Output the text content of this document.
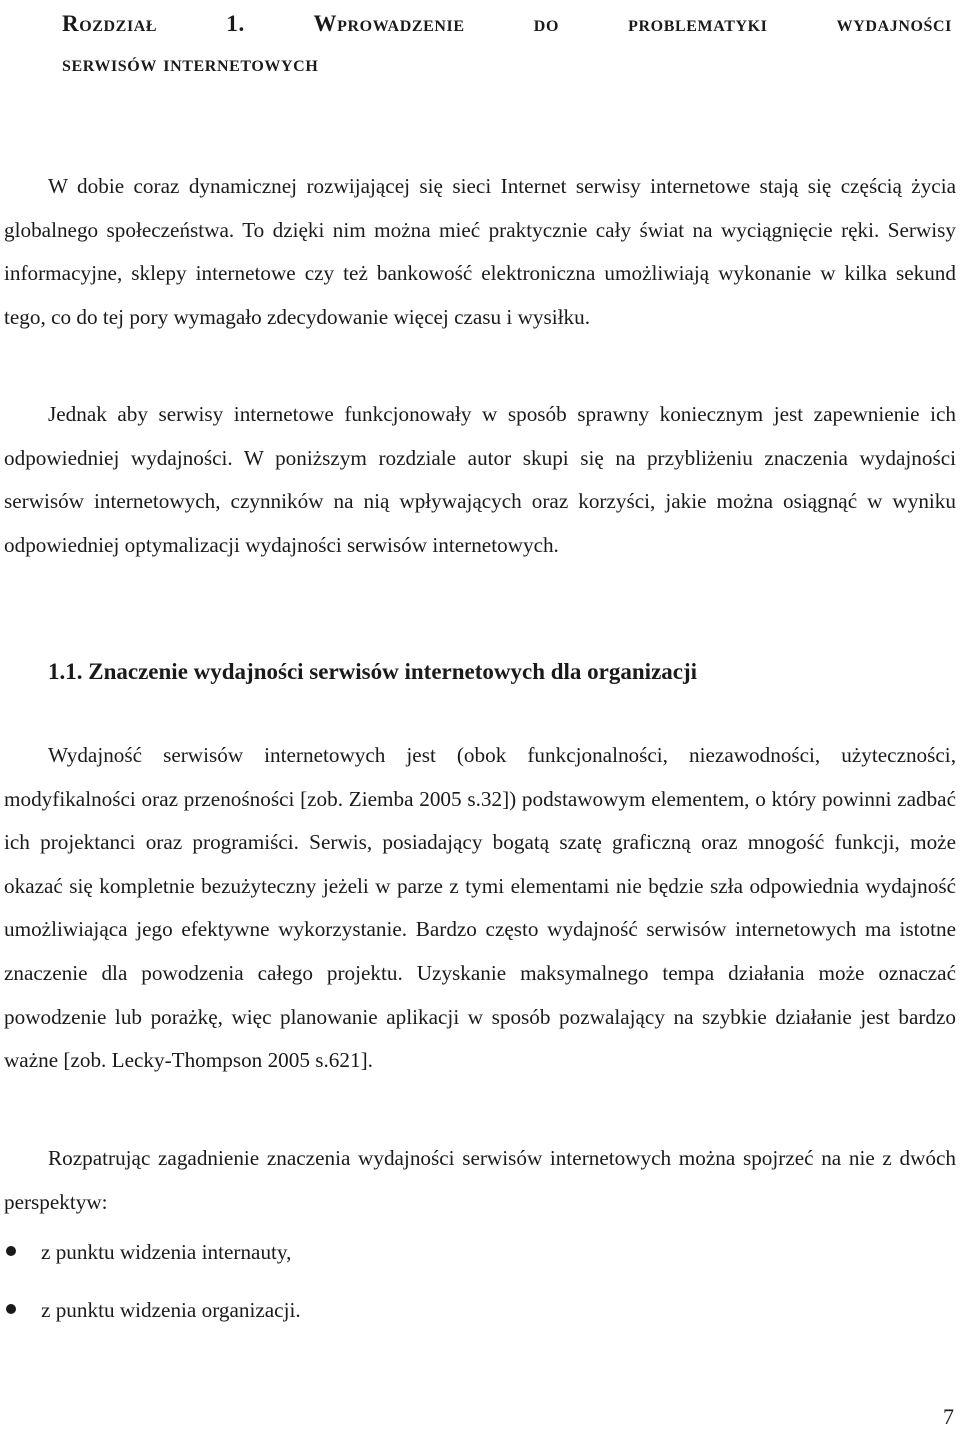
Rozdział 1. Wprowadzenie do problematyki wydajności
serwisów internetowych

W dobie coraz dynamicznej rozwijającej się sieci Internet serwisy internetowe stają się częścią życia globalnego społeczeństwa. To dzięki nim można mieć praktycznie cały świat na wyciągnięcie ręki. Serwisy informacyjne, sklepy internetowe czy też bankowość elektroniczna umożliwiają wykonanie w kilka sekund tego, co do tej pory wymagało zdecydowanie więcej czasu i wysiłku.

Jednak aby serwisy internetowe funkcjonowały w sposób sprawny koniecznym jest zapewnienie ich odpowiedniej wydajności. W poniższym rozdziale autor skupi się na przybliżeniu znaczenia wydajności serwisów internetowych, czynników na nią wpływających oraz korzyści, jakie można osiągnąć w wyniku odpowiedniej optymalizacji wydajności serwisów internetowych.

1.1. Znaczenie wydajności serwisów internetowych dla organizacji

Wydajność serwisów internetowych jest (obok funkcjonalności, niezawodności, użyteczności, modyfikalności oraz przenośności [zob. Ziemba 2005 s.32]) podstawowym elementem, o który powinni zadbać ich projektanci oraz programiści. Serwis, posiadający bogatą szatę graficzną oraz mnogość funkcji, może okazać się kompletnie bezużyteczny jeżeli w parze z tymi elementami nie będzie szła odpowiednia wydajność umożliwiająca jego efektywne wykorzystanie. Bardzo często wydajność serwisów internetowych ma istotne znaczenie dla powodzenia całego projektu. Uzyskanie maksymalnego tempa działania może oznaczać powodzenie lub porażkę, więc planowanie aplikacji w sposób pozwalający na szybkie działanie jest bardzo ważne [zob. Lecky-Thompson 2005 s.621].

Rozpatrując zagadnienie znaczenia wydajności serwisów internetowych można spojrzeć na nie z dwóch perspektyw:

z punktu widzenia internauty,
z punktu widzenia organizacji.

7
